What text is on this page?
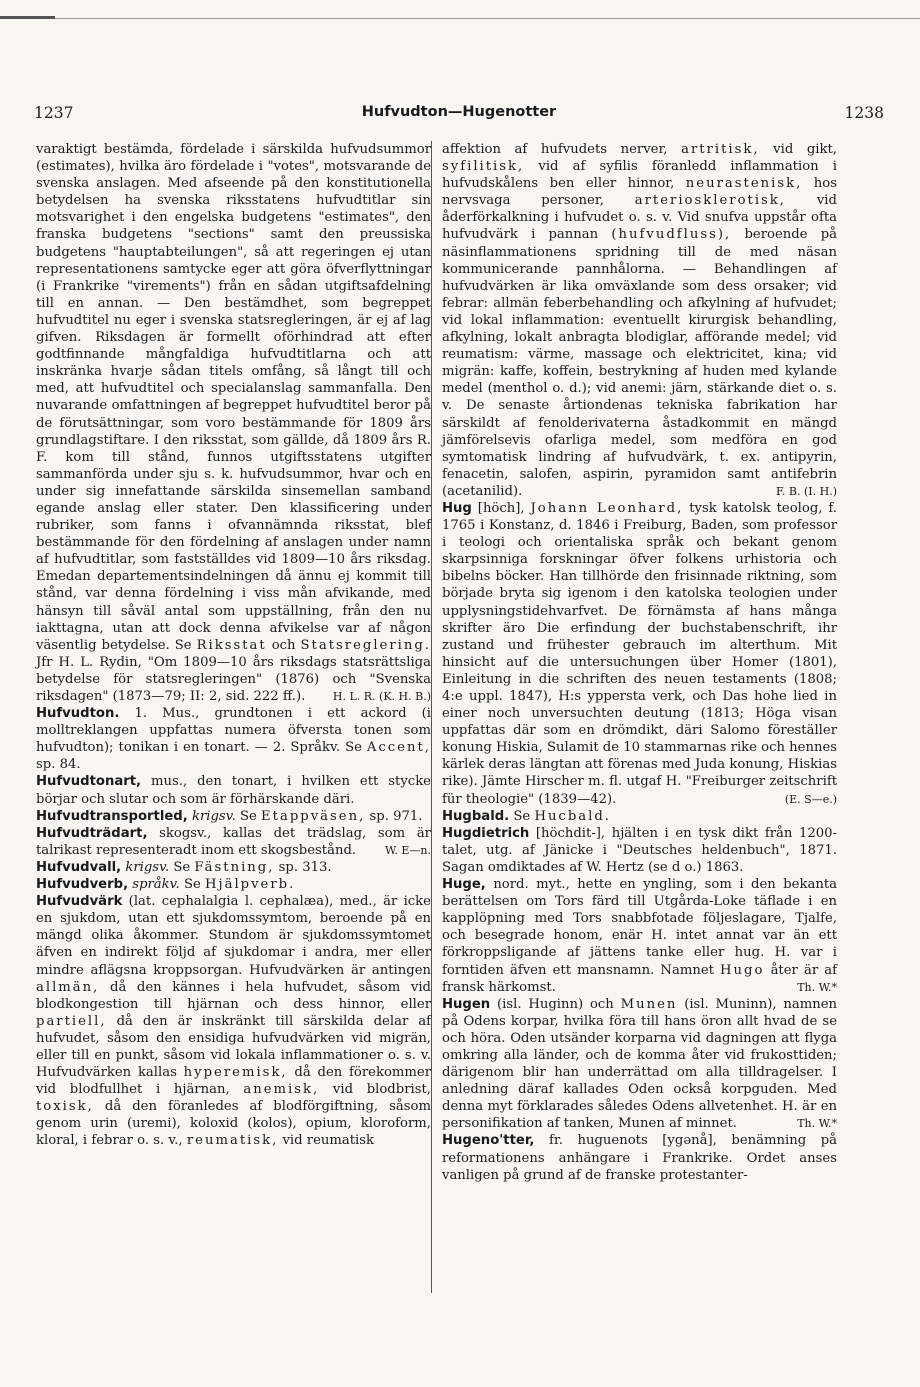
1237	Hufvudton—Hugenotter	1238

varaktigt bestämda, fördelade i särskilda hufvudsummor (estimates), hvilka äro fördelade i "votes", motsvarande de svenska anslagen. Med afseende på den konstitutionella betydelsen ha svenska riksstatens hufvudtitlar sin motsvarighet i den engelska budgetens "estimates", den franska budgetens "sections" samt den preussiska budgetens "hauptabteilungen", så att regeringen ej utan representationens samtycke eger att göra öfverflyttningar (i Frankrike "virements") från en sådan utgiftsafdelning till en annan. — Den bestämdhet, som begreppet hufvudtitel nu eger i svenska statsregleringen, är ej af lag gifven. Riksdagen är formellt oförhindrad att efter godtfinnande mångfaldiga hufvudtitlarna och att inskränka hvarje sådan titels omfång, så långt till och med, att hufvudtitel och specialanslag sammanfalla. Den nuvarande omfattningen af begreppet hufvudtitel beror på de förutsättningar, som voro bestämmande för 1809 års grundlagstiftare. I den riksstat, som gällde, då 1809 års R. F. kom till stånd, funnos utgiftsstatens utgifter sammanförda under sju s. k. hufvudsummor, hvar och en under sig innefattande särskilda sinsemellan samband egande anslag eller stater. Den klassificering under rubriker, som fanns i ofvannämnda riksstat, blef bestämmande för den fördelning af anslagen under namn af hufvudtitlar, som fastställdes vid 1809—10 års riksdag. Emedan departementsindelningen då ännu ej kommit till stånd, var denna fördelning i viss mån afvikande, med hänsyn till såväl antal som uppställning, från den nu iakttagna, utan att dock denna afvikelse var af någon väsentlig betydelse. Se Riksstat och Statsreglering. Jfr H. L. Rydin, "Om 1809—10 års riksdags statsrättsliga betydelse för statsregleringen" (1876) och "Svenska riksdagen" (1873—79; II: 2, sid. 222 ff.).	H. L. R. (K. H. B.)

Hufvudton. 1. Mus., grundtonen i ett ackord (i molltreklangen uppfattas numera öfversta tonen som hufvudton); tonikan i en tonart. — 2. Språkv. Se Accent, sp. 84.

Hufvudtonart, mus., den tonart, i hvilken ett stycke börjar och slutar och som är förhärskande däri.

Hufvudtransportled, krigsv. Se Etappväsen, sp. 971.

Hufvudträdart, skogsv., kallas det trädslag, som är talrikast representeradt inom ett skogsbestånd.	W. E—n.

Hufvudvall, krigsv. Se Fästning, sp. 313.

Hufvudverb, språkv. Se Hjälpverb.

Hufvudvärk (lat. cephalalgia l. cephalæa), med., är icke en sjukdom, utan ett sjukdomssymtom, beroende på en mängd olika åkommer. Stundom är sjukdomssymtomet äfven en indirekt följd af sjukdomar i andra, mer eller mindre aflägsna kroppsorgan. Hufvudvärken är antingen allmän, då den kännes i hela hufvudet, såsom vid blodkongestion till hjärnan och dess hinnor, eller partiell, då den är inskränkt till särskilda delar af hufvudet, såsom den ensidiga hufvudvärken vid migrän, eller till en punkt, såsom vid lokala inflammationer o. s. v. Hufvudvärken kallas hyperemisk, då den förekommer vid blodfullhet i hjärnan, anemisk, vid blodbrist, toxisk, då den föranledes af blodförgiftning, såsom genom urin (uremi), koloxid (kolos), opium, kloroform, kloral, i febrar o. s. v., reumatisk, vid reumatisk

affektion af hufvudets nerver, artritisk, vid gikt, syfilitisk, vid af syfilis föranledd inflammation i hufvudskålens ben eller hinnor, neurastenisk, hos nervsvaga personer, arteriosklerotisk, vid åderförkalkning i hufvudet o. s. v. Vid snufva uppstår ofta hufvudvärk i pannan (hufvudfluss), beroende på näsinflammationens spridning till de med näsan kommunicerande pannhålorna. — Behandlingen af hufvudvärken är lika omväxlande som dess orsaker; vid febrar: allmän feberbehandling och afkylning af hufvudet; vid lokal inflammation: eventuellt kirurgisk behandling, afkylning, lokalt anbragta blodiglar, afförande medel; vid reumatism: värme, massage och elektricitet, kina; vid migrän: kaffe, koffein, bestrykning af huden med kylande medel (menthol o. d.); vid anemi: järn, stärkande diet o. s. v. De senaste årtiondenas tekniska fabrikation har särskildt af fenolderivaterna åstadkommit en mängd jämförelsevis ofarliga medel, som medföra en god symtomatisk lindring af hufvudvärk, t. ex. antipyrin, fenacetin, salofen, aspirin, pyramidon samt antifebrin (acetanilid).	F. B. (I. H.)

Hug [höch], Johann Leonhard, tysk katolsk teolog, f. 1765 i Konstanz, d. 1846 i Freiburg, Baden, som professor i teologi och orientaliska språk och bekant genom skarpsinniga forskningar öfver folkens urhistoria och bibelns böcker. Han tillhörde den frisinnade riktning, som började bryta sig igenom i den katolska teologien under upplysningstidehvarfvet. De förnämsta af hans många skrifter äro Die erfindung der buchstabenschrift, ihr zustand und frühester gebrauch im alterthum. Mit hinsicht auf die untersuchungen über Homer (1801), Einleitung in die schriften des neuen testaments (1808; 4:e uppl. 1847), H:s yppersta verk, och Das hohe lied in einer noch unversuchten deutung (1813; Höga visan uppfattas där som en drömdikt, däri Salomo föreställer konung Hiskia, Sulamit de 10 stammarnas rike och hennes kärlek deras längtan att förenas med Juda konung, Hiskias rike). Jämte Hirscher m. fl. utgaf H. "Freiburger zeitschrift für theologie" (1839—42).	(E. S—e.)

Hugbald. Se Hucbald.

Hugdietrich [höchdit-], hjälten i en tysk dikt från 1200-talet, utg. af Jänicke i "Deutsches heldenbuch", 1871. Sagan omdiktades af W. Hertz (se d o.) 1863.

Huge, nord. myt., hette en yngling, som i den bekanta berättelsen om Tors färd till Utgårda-Loke täflade i en kapplöpning med Tors snabbfotade följeslagare, Tjalfe, och besegrade honom, enär H. intet annat var än ett förkroppsligande af jättens tanke eller hug. H. var i forntiden äfven ett mansnamn. Namnet Hugo åter är af fransk härkomst.	Th. W.*

Hugen (isl. Huginn) och Munen (isl. Muninn), namnen på Odens korpar, hvilka föra till hans öron allt hvad de se och höra. Oden utsänder korparna vid dagningen att flyga omkring alla länder, och de komma åter vid frukosttiden; därigenom blir han underrättad om alla tilldragelser. I anledning däraf kallades Oden också korpguden. Med denna myt förklarades således Odens allvetenhet. H. är en personifikation af tanken, Munen af minnet.	Th. W.*

Hugeno'tter, fr. huguenots [ygənå], benämning på reformationens anhängare i Frankrike. Ordet anses vanligen på grund af de franske protestanter-
